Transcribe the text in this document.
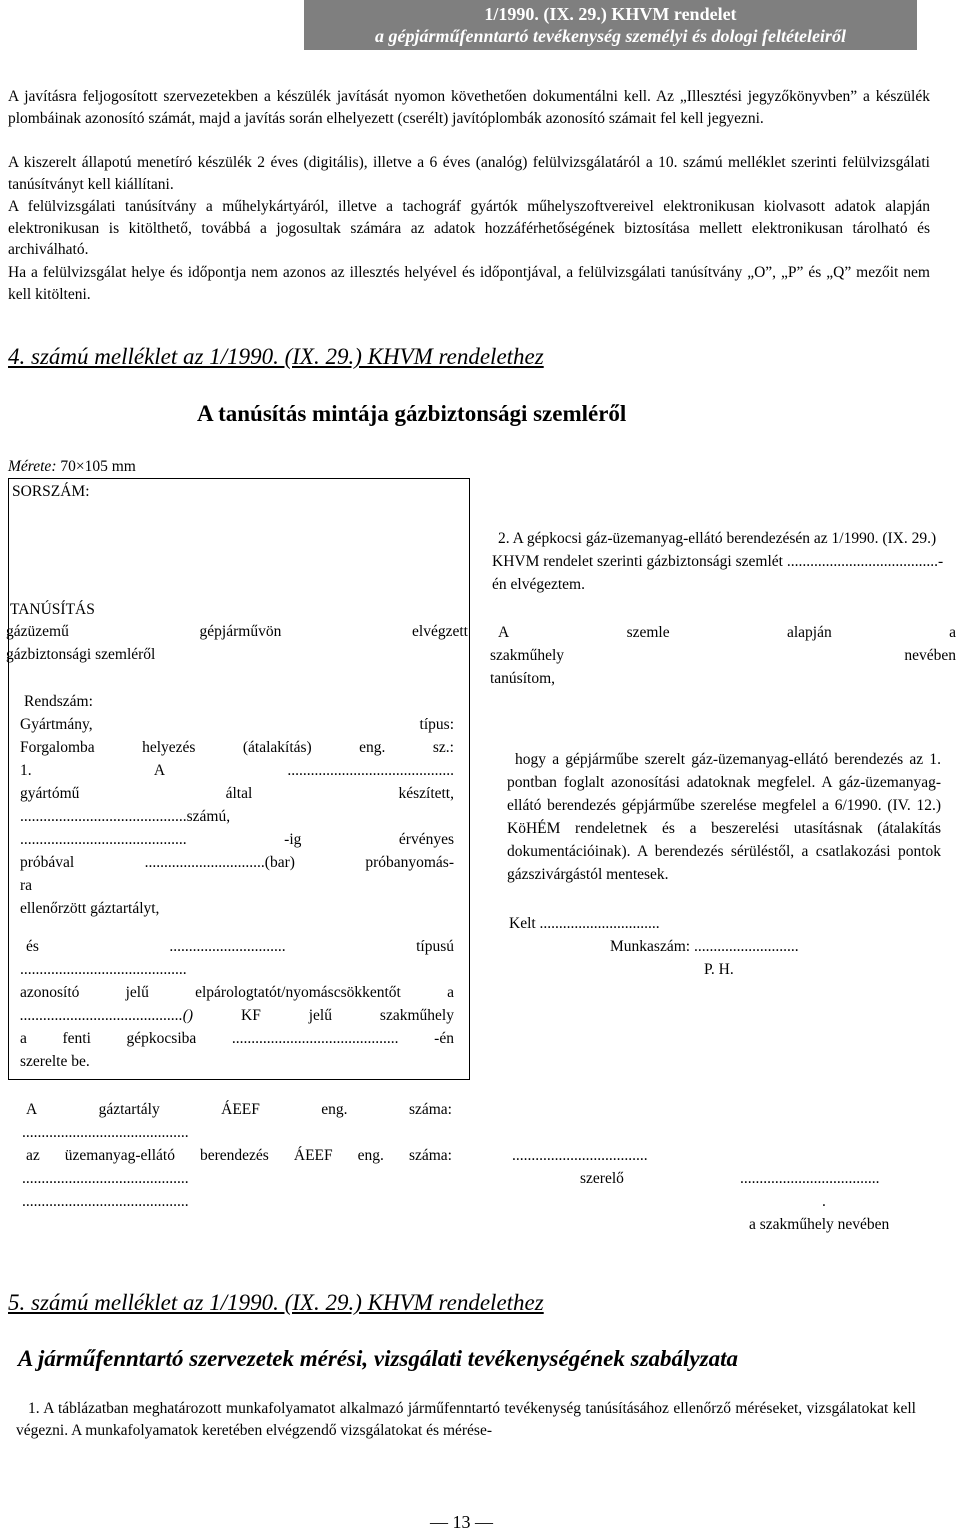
1/1990. (IX. 29.) KHVM rendelet
a gépjárműfenntartó tevékenység személyi és dologi feltételeiről
A javításra feljogosított szervezetekben a készülék javítását nyomon követhetően dokumentálni kell. Az „Illesztési jegyzőkönyvben” a készülék plombáinak azonosító számát, majd a javítás során elhelyezett (cserélt) javítóplombák azonosító számait fel kell jegyezni.
A kiszerelt állapotú menetíró készülék 2 éves (digitális), illetve a 6 éves (analóg) felülvizsgálatáról a 10. számú melléklet szerinti felülvizsgálati tanúsítványt kell kiállítani.
A felülvizsgálati tanúsítvány a műhelykártyáról, illetve a tachográf gyártók műhelyszoftvereivel elektronikusan kiolvasott adatok alapján elektronikusan is kitölthető, továbbá a jogosultak számára az adatok hozzáférhetőségének biztosítása mellett elektronikusan tárolható és archiválható.
Ha a felülvizsgálat helye és időpontja nem azonos az illesztés helyével és időpontjával, a felülvizsgálati tanúsítvány „O”, „P” és „Q” mezőit nem kell kitölteni.
4. számú melléklet az 1/1990. (IX. 29.) KHVM rendelethez
A tanúsítás mintája gázbiztonsági szemléről
Mérete: 70×105 mm
SORSZÁM:
TANÚSÍTÁS
gázüzemű	gépjárművön	elvégzett
gázbiztonsági szemléről
Rendszám:
Gyártmány,	típus:
Forgalomba	helyezés	(átalakítás)	eng.	sz.:
1.	A	...........................................
gyártómű	által	készített,
...........................................számú,
...........................................	-ig	érvényes
próbával	...............................(bar)	próbanyomás-
ra
ellenőrzött gáztartályt,
és	..............................	típusú
...........................................
azonosító	jelű	elpárologtatót/nyomáscsökkentőt	a
..........................................()	KF	jelű	szakműhely
a fenti gépkocsiba ........................................... -én
szerelte be.
A	gáztartály	ÁEEF	eng.	száma:
...........................................
az üzemanyag-ellátó berendezés ÁEEF eng. száma:
...........................................
...........................................
2. A gépkocsi gáz-üzemanyag-ellátó berendezésén az 1/1990. (IX. 29.) KHVM rendelet szerinti gázbiztonsági szemlét .......................................-én elvégeztem.
A	szemle	alapján	a
szakműhely	nevében
tanúsítom,
hogy a gépjárműbe szerelt gáz-üzemanyag-ellátó berendezés az 1. pontban foglalt azonosítási adatoknak megfelel. A gáz-üzemanyag-ellátó berendezés gépjárműbe szerelése megfelel a 6/1990. (IV. 12.) KöHÉM rendeletnek és a beszerelési utasításnak (átalakítás dokumentációinak). A berendezés sérüléstől, a csatlakozási pontok gázszivárgástól mentesek.
Kelt ...............................
Munkaszám: ...........................
P. H.
...................................
szerelő	....................................
.
a szakműhely nevében
5. számú melléklet az 1/1990. (IX. 29.) KHVM rendelethez
A járműfenntartó szervezetek mérési, vizsgálati tevékenységének szabályzata
1. A táblázatban meghatározott munkafolyamatot alkalmazó járműfenntartó tevékenység tanúsításához ellenőrző méréseket, vizsgálatokat kell végezni. A munkafolyamatok keretében elvégzendő vizsgálatokat és mérése-
— 13 —
